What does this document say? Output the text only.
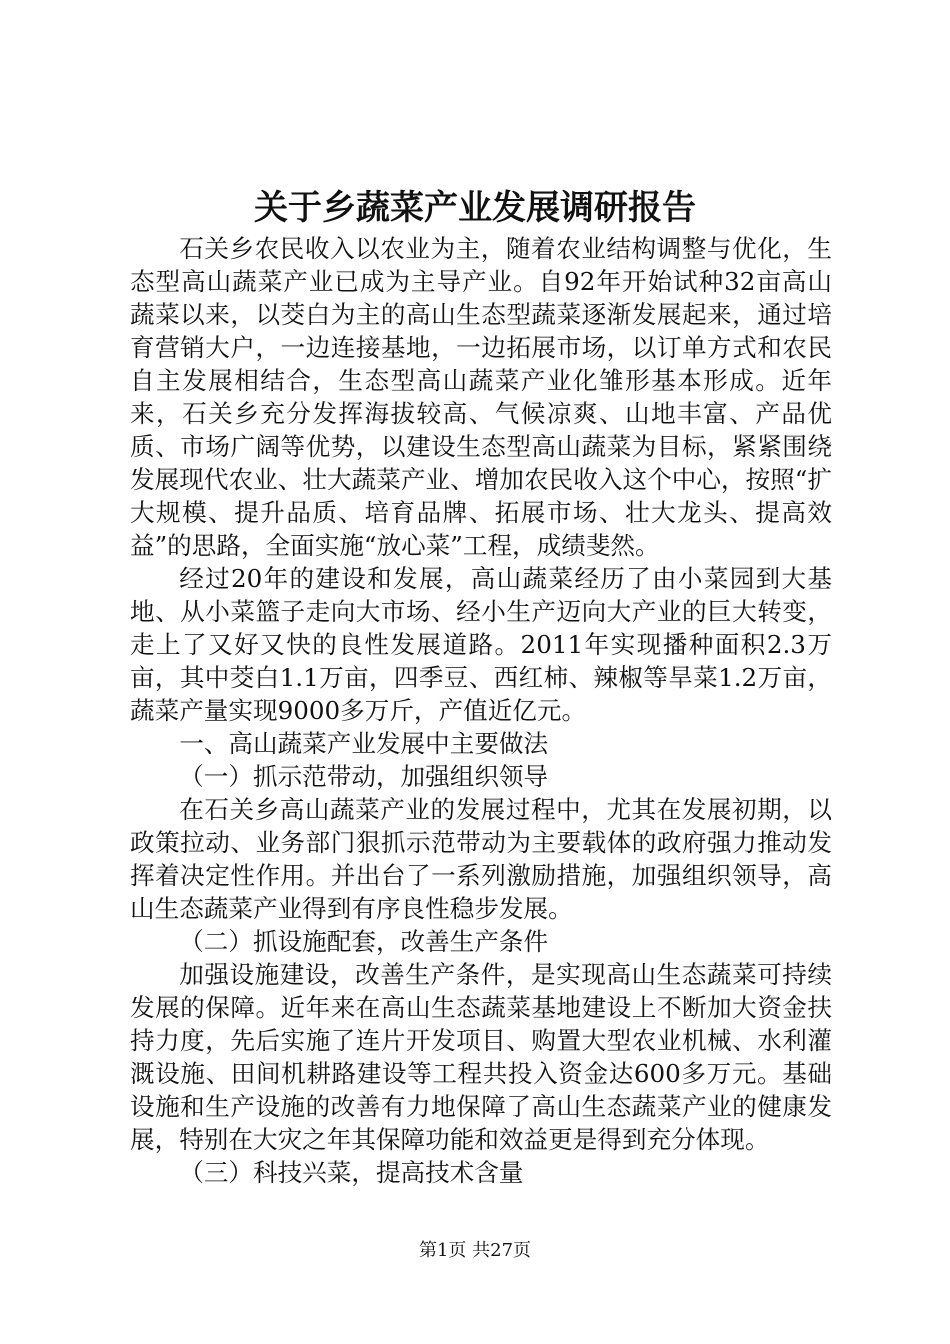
关于乡蔬菜产业发展调研报告

石关乡农民收入以农业为主，随着农业结构调整与优化，生态型高山蔬菜产业已成为主导产业。自92年开始试种32亩高山蔬菜以来，以茭白为主的高山生态型蔬菜逐渐发展起来，通过培育营销大户，一边连接基地，一边拓展市场，以订单方式和农民自主发展相结合，生态型高山蔬菜产业化雏形基本形成。近年来，石关乡充分发挥海拔较高、气候凉爽、山地丰富、产品优质、市场广阔等优势，以建设生态型高山蔬菜为目标，紧紧围绕发展现代农业、壮大蔬菜产业、增加农民收入这个中心，按照“扩大规模、提升品质、培育品牌、拓展市场、壮大龙头、提高效益”的思路，全面实施“放心菜”工程，成绩斐然。

经过20年的建设和发展，高山蔬菜经历了由小菜园到大基地、从小菜篮子走向大市场、经小生产迈向大产业的巨大转变，走上了又好又快的良性发展道路。2011年实现播种面积2.3万亩，其中茭白1.1万亩，四季豆、西红柿、辣椒等旱菜1.2万亩，蔬菜产量实现9000多万斤，产值近亿元。

一、高山蔬菜产业发展中主要做法

（一）抓示范带动，加强组织领导

在石关乡高山蔬菜产业的发展过程中，尤其在发展初期，以政策拉动、业务部门狠抓示范带动为主要载体的政府强力推动发挥着决定性作用。并出台了一系列激励措施，加强组织领导，高山生态蔬菜产业得到有序良性稳步发展。

（二）抓设施配套，改善生产条件

加强设施建设，改善生产条件，是实现高山生态蔬菜可持续发展的保障。近年来在高山生态蔬菜基地建设上不断加大资金扶持力度，先后实施了连片开发项目、购置大型农业机械、水利灌溉设施、田间机耕路建设等工程共投入资金达600多万元。基础设施和生产设施的改善有力地保障了高山生态蔬菜产业的健康发展，特别在大灾之年其保障功能和效益更是得到充分体现。

（三）科技兴菜，提高技术含量

第1页 共27页
